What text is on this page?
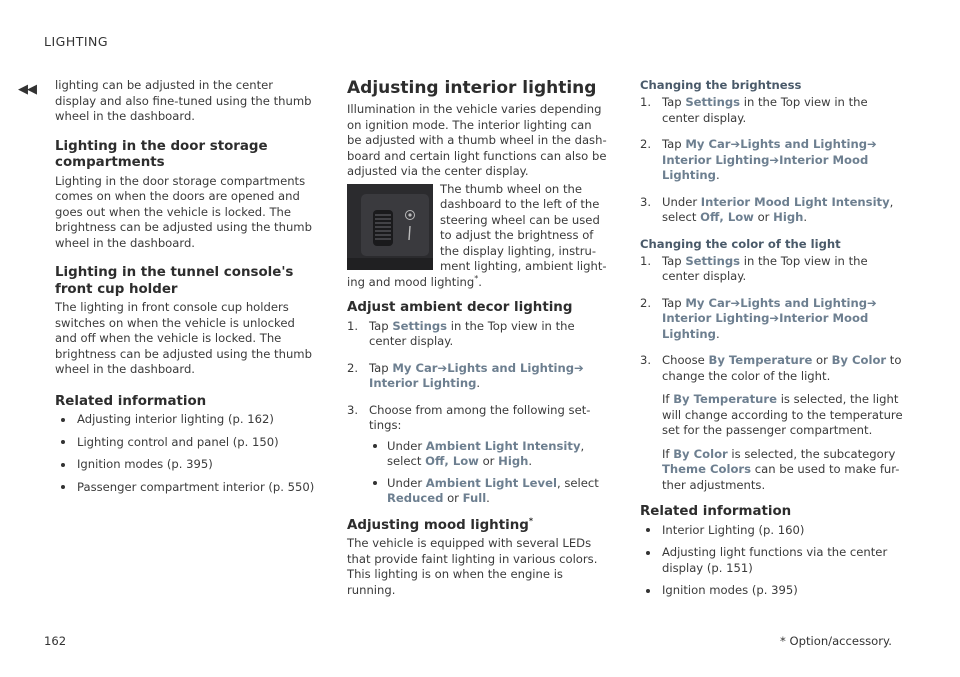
LIGHTING
◀◀ lighting can be adjusted in the center display and also fine-tuned using the thumb wheel in the dashboard.

Lighting in the door storage compartments

Lighting in the door storage compartments comes on when the doors are opened and goes out when the vehicle is locked. The brightness can be adjusted using the thumb wheel in the dashboard.

Lighting in the tunnel console's front cup holder

The lighting in front console cup holders switches on when the vehicle is unlocked and off when the vehicle is locked. The brightness can be adjusted using the thumb wheel in the dashboard.

Related information
Adjusting interior lighting (p. 162)
Lighting control and panel (p. 150)
Ignition modes (p. 395)
Passenger compartment interior (p. 550)
Adjusting interior lighting

Illumination in the vehicle varies depending on ignition mode. The interior lighting can be adjusted with a thumb wheel in the dash-board and certain light functions can also be adjusted via the center display.

The thumb wheel on the dashboard to the left of the steering wheel can be used to adjust the brightness of the display lighting, instru-ment lighting, ambient light-ing and mood lighting*.

Adjust ambient decor lighting
1. Tap Settings in the Top view in the center display.
2. Tap My Car➔Lights and Lighting➔
Interior Lighting.
3. Choose from among the following set-tings:
Under Ambient Light Intensity, select Off, Low or High.
Under Ambient Light Level, select Reduced or Full.
Adjusting mood lighting*

The vehicle is equipped with several LEDs that provide faint lighting in various colors. This lighting is on when the engine is running.

Changing the brightness
1. Tap Settings in the Top view in the center display.
2. Tap My Car➔Lights and Lighting➔
Interior Lighting➔Interior Mood Lighting.
3. Under Interior Mood Light Intensity, select Off, Low or High.
Changing the color of the light
1. Tap Settings in the Top view in the center display.
2. Tap My Car➔Lights and Lighting➔
Interior Lighting➔Interior Mood Lighting.
3. Choose By Temperature or By Color to change the color of the light.
If By Temperature is selected, the light will change according to the temperature set for the passenger compartment.
If By Color is selected, the subcategory Theme Colors can be used to make fur-ther adjustments.
Related information
Interior Lighting (p. 160)
Adjusting light functions via the center display (p. 151)
Ignition modes (p. 395)
162	* Option/accessory.
